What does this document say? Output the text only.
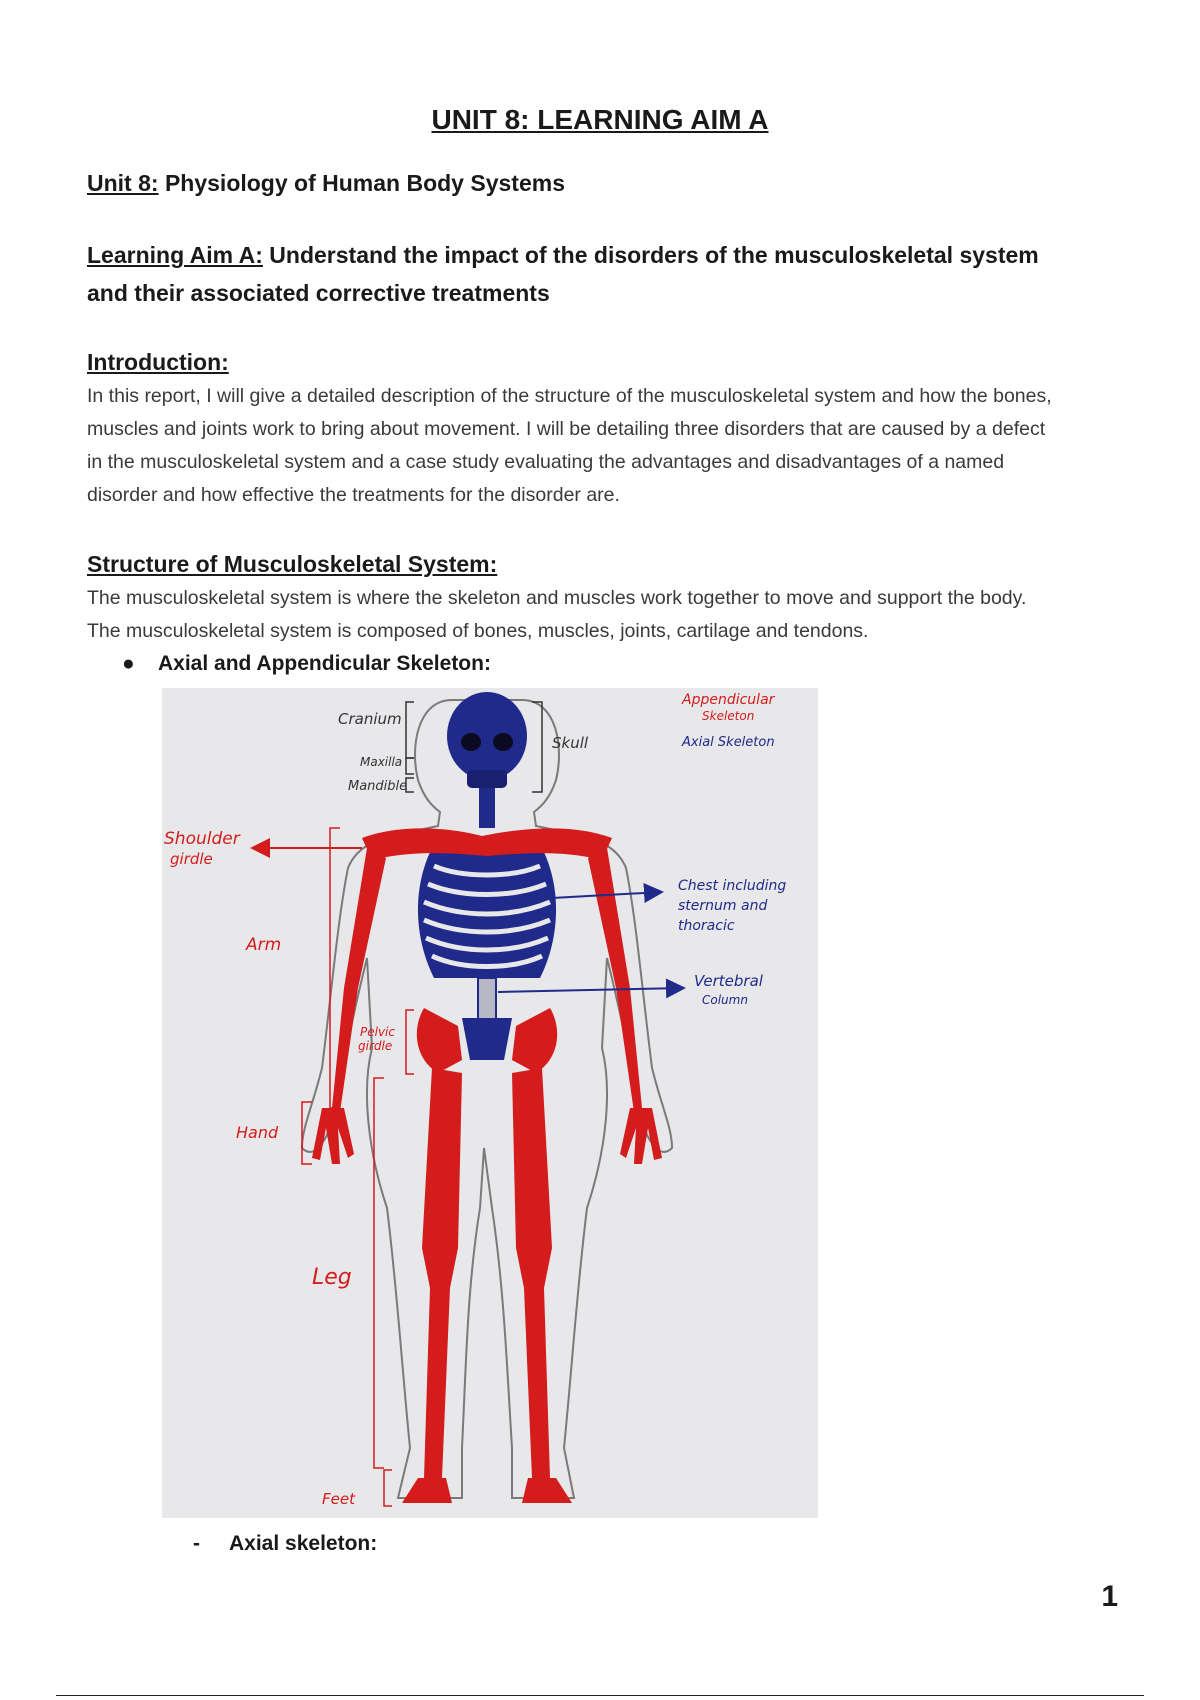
UNIT 8: LEARNING AIM A

Unit 8: Physiology of Human Body Systems

Learning Aim A: Understand the impact of the disorders of the musculoskeletal system

and their associated corrective treatments

Introduction:

In this report, I will give a detailed description of the structure of the musculoskeletal system and how the bones,
muscles and joints work to bring about movement. I will be detailing three disorders that are caused by a defect
in the musculoskeletal system and a case study evaluating the advantages and disadvantages of a named
disorder and how effective the treatments for the disorder are.

Structure of Musculoskeletal System:

The musculoskeletal system is where the skeleton and muscles work together to move and support the body.
The musculoskeletal system is composed of bones, muscles, joints, cartilage and tendons.
● Axial and Appendicular Skeleton:
Cranium
Maxilla
Mandible
Skull
Appendicular
Skeleton
Axial Skeleton
Shoulder
girdle
Arm
Hand
Pelvic
girdle
Leg
Feet
Chest including
sternum and
thoracic
Vertebral
Column
- Axial skeleton:
1
